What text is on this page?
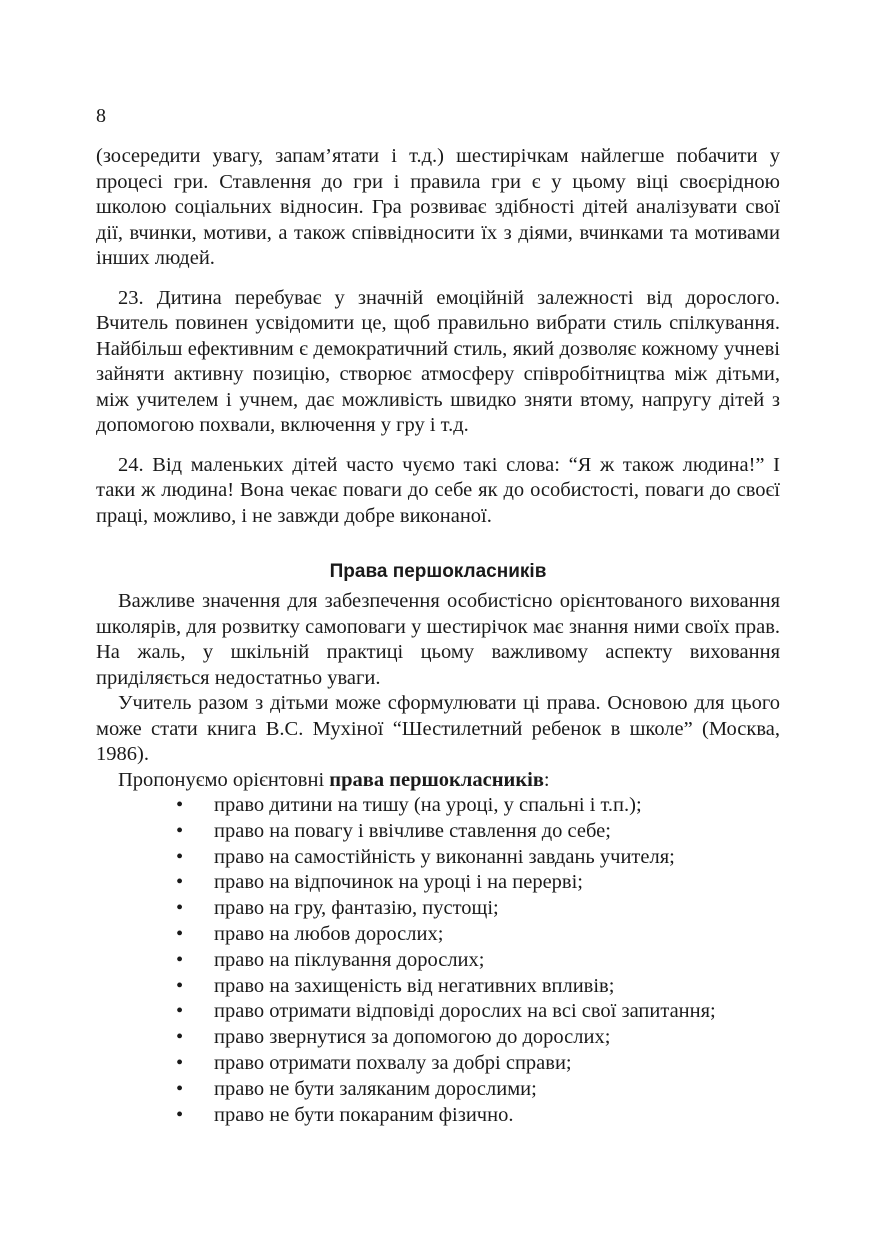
8

(зосередити увагу, запам’ятати і т.д.) шестирічкам найлегше побачити у процесі гри. Ставлення до гри і правила гри є у цьому віці своєрідною школою соціальних відносин. Гра розвиває здібності дітей аналізувати свої дії, вчинки, мотиви, а також співвідносити їх з діями, вчинками та мотивами інших людей.

23. Дитина перебуває у значній емоційній залежності від дорослого. Вчитель повинен усвідомити це, щоб правильно вибрати стиль спілкування. Найбільш ефективним є демократичний стиль, який дозволяє кожному учневі зайняти активну позицію, створює атмосферу співробітництва між дітьми, між учителем і учнем, дає можливість швидко зняти втому, напругу дітей з допомогою похвали, включення у гру і т.д.

24. Від маленьких дітей часто чуємо такі слова: “Я ж також людина!” І таки ж людина! Вона чекає поваги до себе як до особистості, поваги до своєї праці, можливо, і не завжди добре виконаної.

Права першокласників

Важливе значення для забезпечення особистісно орієнтованого виховання школярів, для розвитку самоповаги у шестирічок має знання ними своїх прав. На жаль, у шкільній практиці цьому важливому аспекту виховання приділяється недостатньо уваги.

Учитель разом з дітьми може сформулювати ці права. Основою для цього може стати книга В.С. Мухіної “Шестилетний ребенок в школе” (Москва, 1986).

Пропонуємо орієнтовні права першокласників:

• право дитини на тишу (на уроці, у спальні і т.п.);
• право на повагу і ввічливе ставлення до себе;
• право на самостійність у виконанні завдань учителя;
• право на відпочинок на уроці і на перерві;
• право на гру, фантазію, пустощі;
• право на любов дорослих;
• право на піклування дорослих;
• право на захищеність від негативних впливів;
• право отримати відповіді дорослих на всі свої запитання;
• право звернутися за допомогою до дорослих;
• право отримати похвалу за добрі справи;
• право не бути заляканим дорослими;
• право не бути покараним фізично.
